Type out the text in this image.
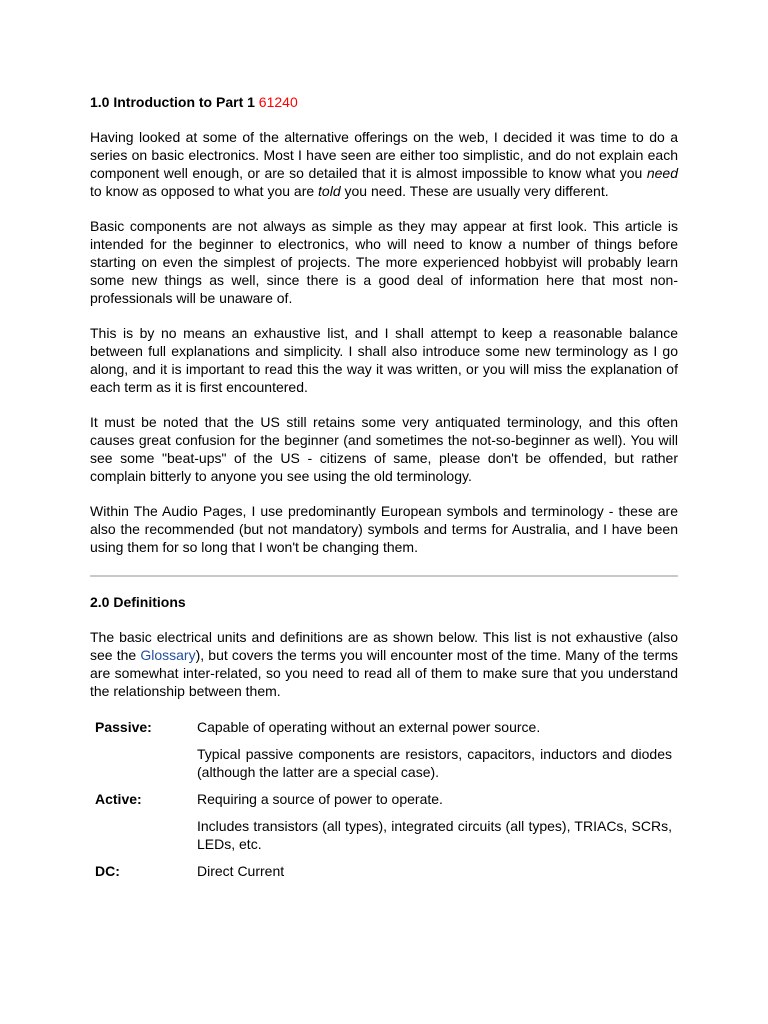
1.0 Introduction to Part 1 61240

Having looked at some of the alternative offerings on the web, I decided it was time to do a series on basic electronics. Most I have seen are either too simplistic, and do not explain each component well enough, or are so detailed that it is almost impossible to know what you need to know as opposed to what you are told you need. These are usually very different.

Basic components are not always as simple as they may appear at first look. This article is intended for the beginner to electronics, who will need to know a number of things before starting on even the simplest of projects. The more experienced hobbyist will probably learn some new things as well, since there is a good deal of information here that most non-professionals will be unaware of.

This is by no means an exhaustive list, and I shall attempt to keep a reasonable balance between full explanations and simplicity. I shall also introduce some new terminology as I go along, and it is important to read this the way it was written, or you will miss the explanation of each term as it is first encountered.

It must be noted that the US still retains some very antiquated terminology, and this often causes great confusion for the beginner (and sometimes the not-so-beginner as well). You will see some "beat-ups" of the US - citizens of same, please don't be offended, but rather complain bitterly to anyone you see using the old terminology.

Within The Audio Pages, I use predominantly European symbols and terminology - these are also the recommended (but not mandatory) symbols and terms for Australia, and I have been using them for so long that I won't be changing them.

2.0 Definitions

The basic electrical units and definitions are as shown below. This list is not exhaustive (also see the Glossary), but covers the terms you will encounter most of the time. Many of the terms are somewhat inter-related, so you need to read all of them to make sure that you understand the relationship between them.

Passive:	Capable of operating without an external power source.
Typical passive components are resistors, capacitors, inductors and diodes (although the latter are a special case).

Active:	Requiring a source of power to operate.
Includes transistors (all types), integrated circuits (all types), TRIACs, SCRs, LEDs, etc.

DC:	Direct Current
